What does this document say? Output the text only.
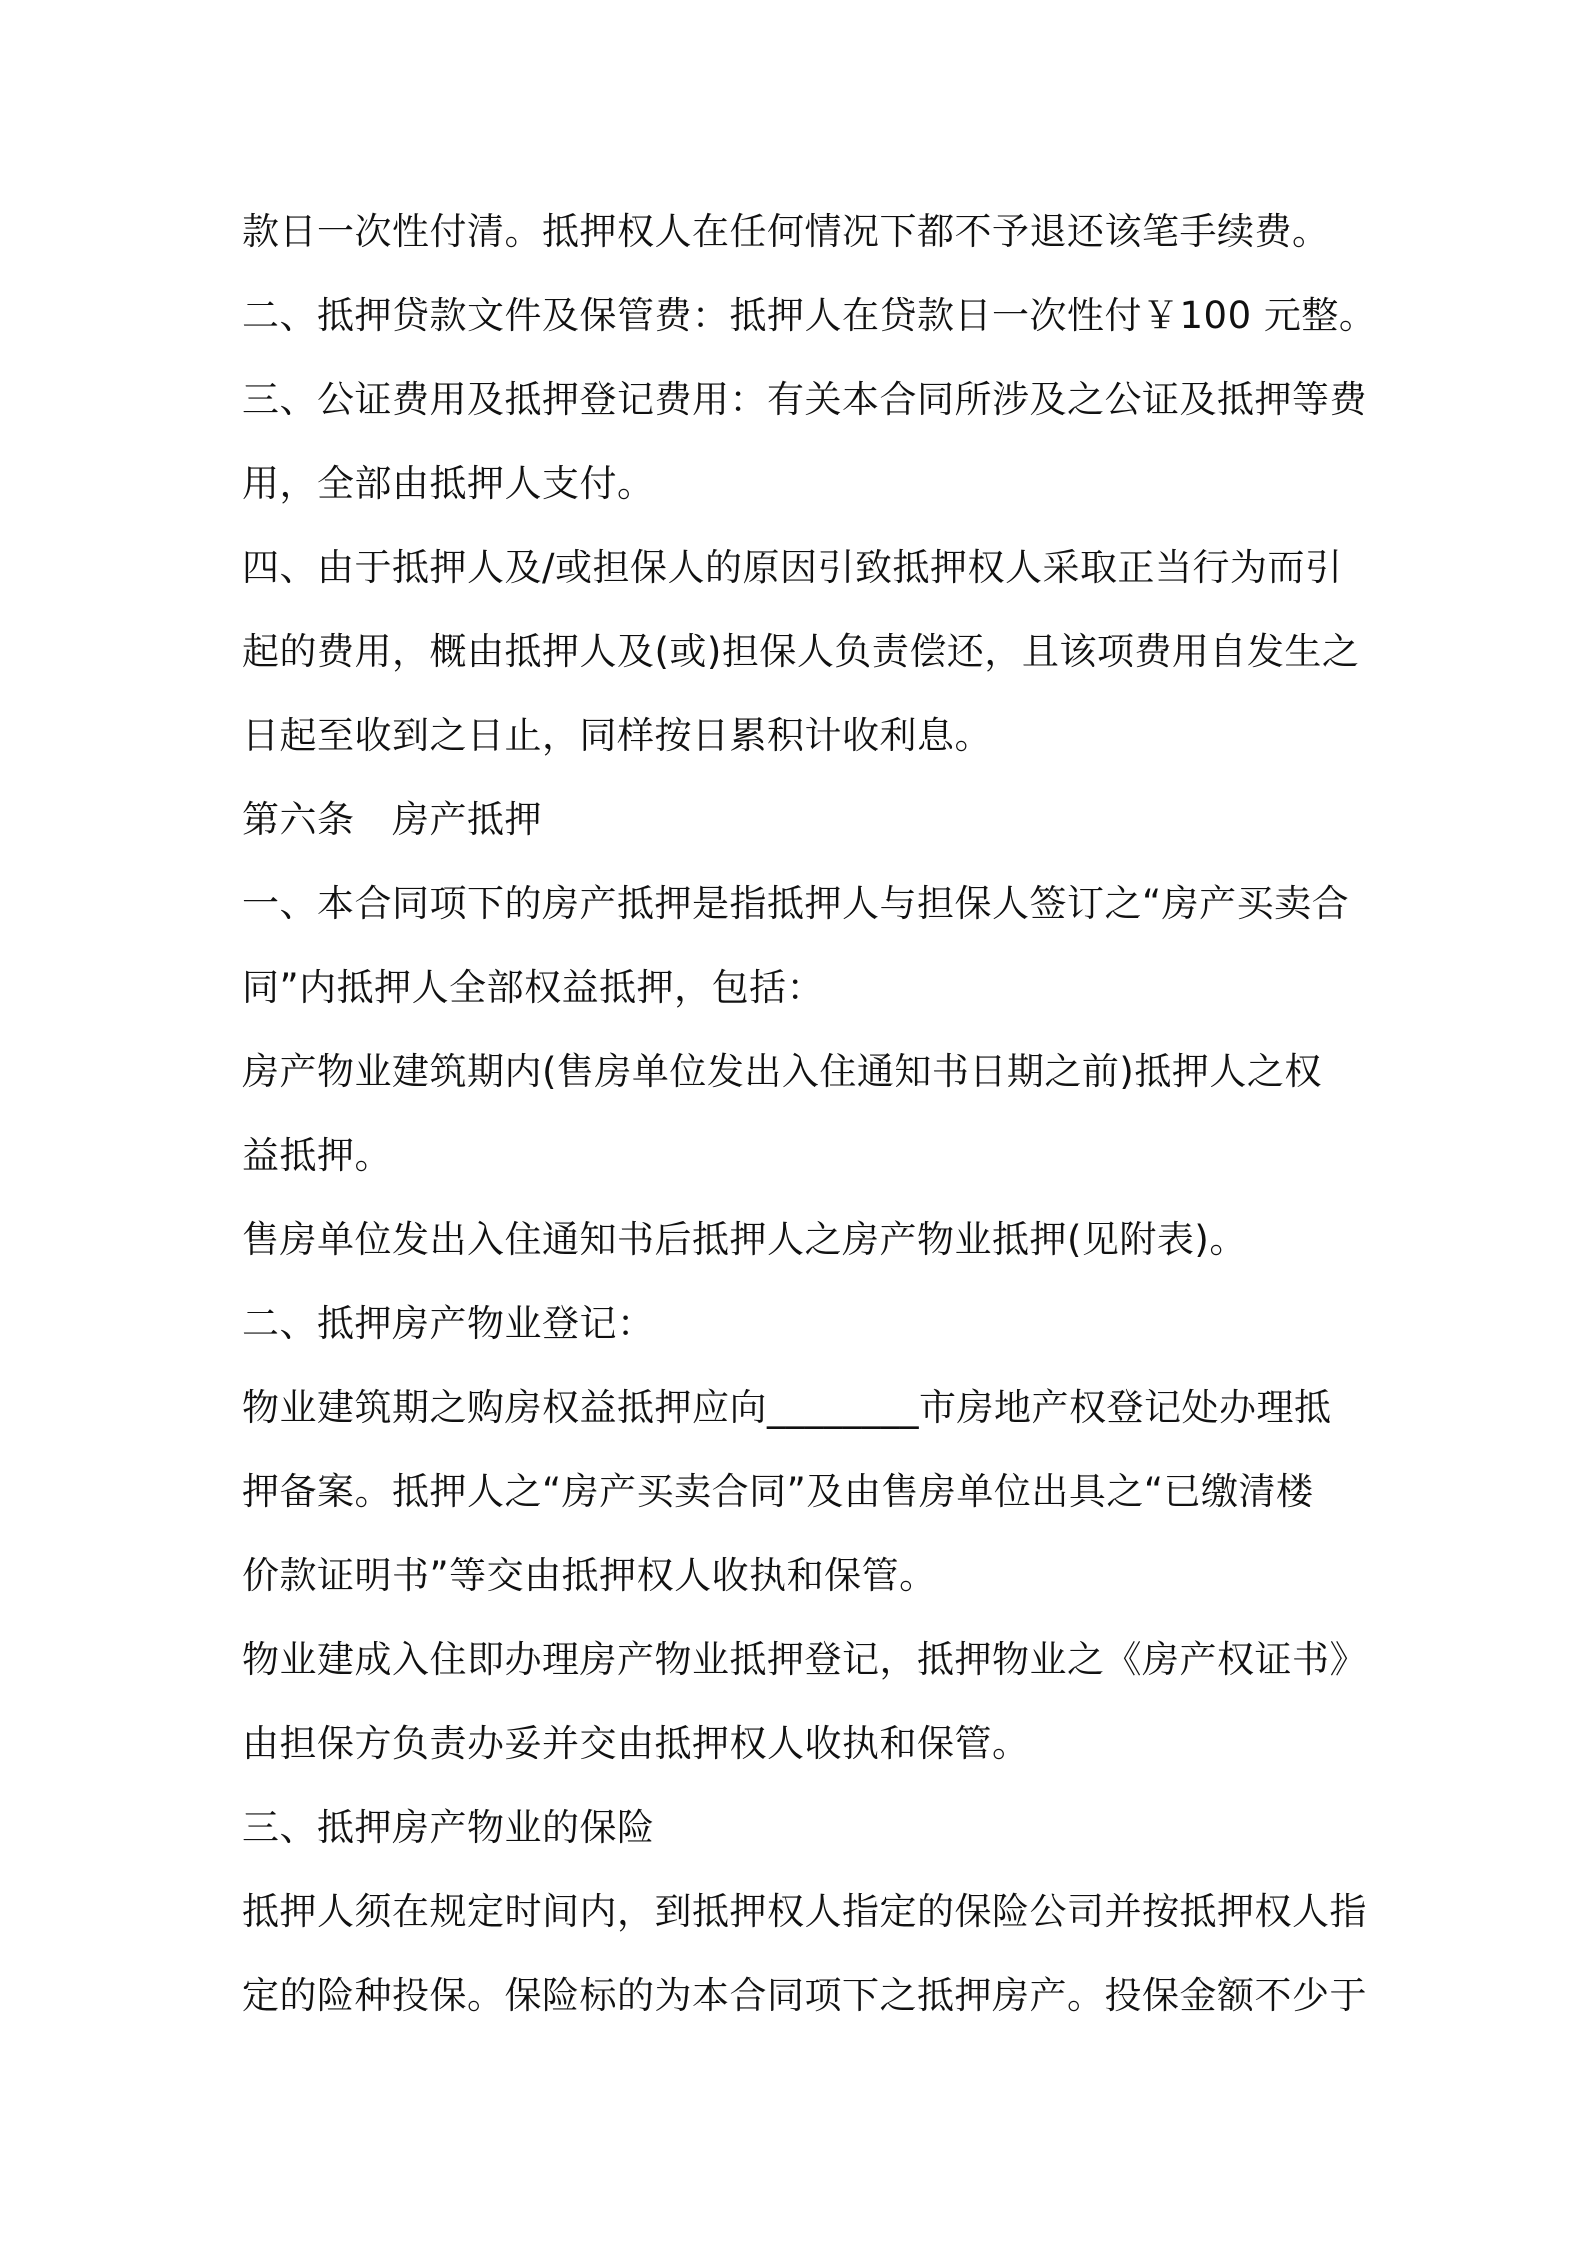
款日一次性付清。抵押权人在任何情况下都不予退还该笔手续费。
二、抵押贷款文件及保管费：抵押人在贷款日一次性付￥100 元整。
三、公证费用及抵押登记费用：有关本合同所涉及之公证及抵押等费
用，全部由抵押人支付。
四、由于抵押人及/或担保人的原因引致抵押权人采取正当行为而引
起的费用，概由抵押人及(或)担保人负责偿还，且该项费用自发生之
日起至收到之日止，同样按日累积计收利息。
第六条　房产抵押
一、本合同项下的房产抵押是指抵押人与担保人签订之“房产买卖合
同”内抵押人全部权益抵押，包括：
房产物业建筑期内(售房单位发出入住通知书日期之前)抵押人之权
益抵押。
售房单位发出入住通知书后抵押人之房产物业抵押(见附表)。
二、抵押房产物业登记：
物业建筑期之购房权益抵押应向________市房地产权登记处办理抵
押备案。抵押人之“房产买卖合同”及由售房单位出具之“已缴清楼
价款证明书”等交由抵押权人收执和保管。
物业建成入住即办理房产物业抵押登记，抵押物业之《房产权证书》
由担保方负责办妥并交由抵押权人收执和保管。
三、抵押房产物业的保险
抵押人须在规定时间内，到抵押权人指定的保险公司并按抵押权人指
定的险种投保。保险标的为本合同项下之抵押房产。投保金额不少于
